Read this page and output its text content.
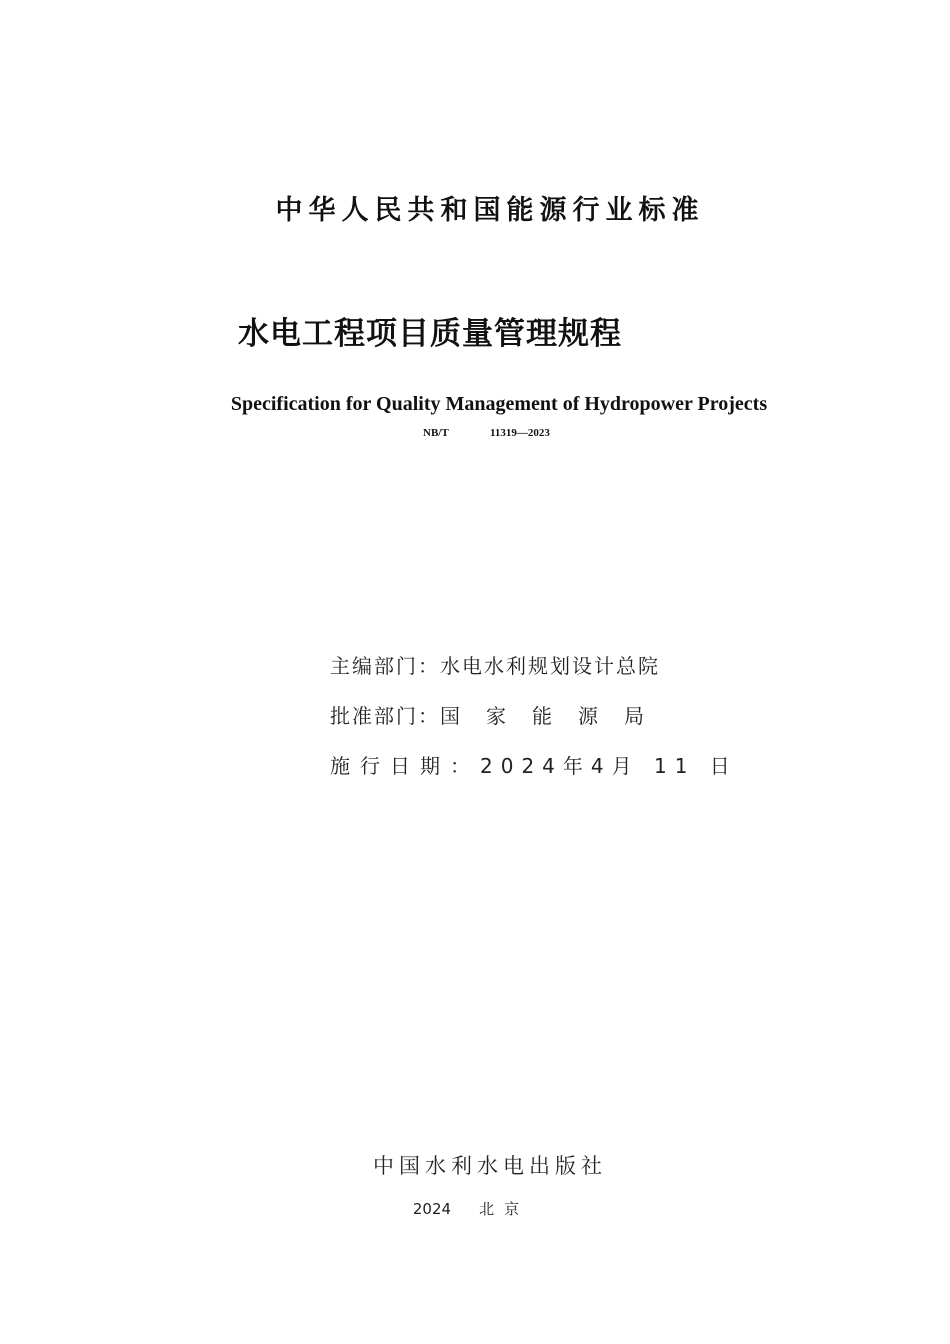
中华人民共和国能源行业标准
水电工程项目质量管理规程
Specification for Quality Management of Hydropower Projects
NB/T	11319—2023
主编部门：水电水利规划设计总院
批准部门：国家能源局
施行日期：2024年4月 11 日
中国水利水电出版社
2024 北京
